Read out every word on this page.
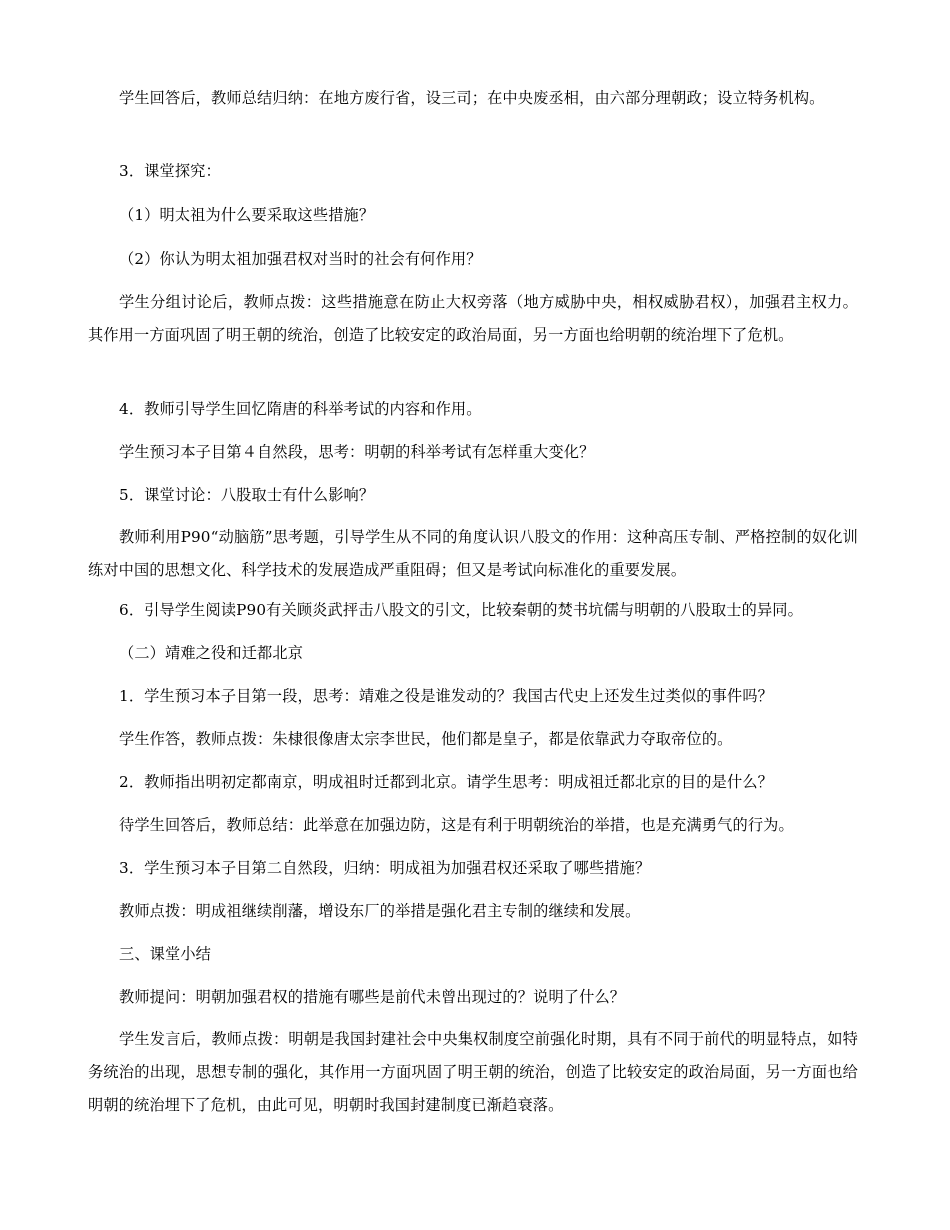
学生回答后，教师总结归纳：在地方废行省，设三司；在中央废丞相，由六部分理朝政；设立特务机构。
3．课堂探究：
（1）明太祖为什么要采取这些措施？
（2）你认为明太祖加强君权对当时的社会有何作用？
学生分组讨论后，教师点拨：这些措施意在防止大权旁落（地方威胁中央，相权威胁君权），加强君主权力。其作用一方面巩固了明王朝的统治，创造了比较安定的政治局面，另一方面也给明朝的统治埋下了危机。
4．教师引导学生回忆隋唐的科举考试的内容和作用。
学生预习本子目第４自然段，思考：明朝的科举考试有怎样重大变化？
5．课堂讨论：八股取士有什么影响？
教师利用P90“动脑筋”思考题，引导学生从不同的角度认识八股文的作用：这种高压专制、严格控制的奴化训练对中国的思想文化、科学技术的发展造成严重阻碍；但又是考试向标准化的重要发展。
6．引导学生阅读P90有关顾炎武抨击八股文的引文，比较秦朝的焚书坑儒与明朝的八股取士的异同。
（二）靖难之役和迁都北京
1．学生预习本子目第一段，思考：靖难之役是谁发动的？我国古代史上还发生过类似的事件吗？
学生作答，教师点拨：朱棣很像唐太宗李世民，他们都是皇子，都是依靠武力夺取帝位的。
2．教师指出明初定都南京，明成祖时迁都到北京。请学生思考：明成祖迁都北京的目的是什么？
待学生回答后，教师总结：此举意在加强边防，这是有利于明朝统治的举措，也是充满勇气的行为。
3．学生预习本子目第二自然段，归纳：明成祖为加强君权还采取了哪些措施？
教师点拨：明成祖继续削藩，增设东厂的举措是强化君主专制的继续和发展。
三、课堂小结
教师提问：明朝加强君权的措施有哪些是前代未曾出现过的？说明了什么？
学生发言后，教师点拨：明朝是我国封建社会中央集权制度空前强化时期，具有不同于前代的明显特点，如特务统治的出现，思想专制的强化，其作用一方面巩固了明王朝的统治，创造了比较安定的政治局面，另一方面也给明朝的统治埋下了危机，由此可见，明朝时我国封建制度已渐趋衰落。
